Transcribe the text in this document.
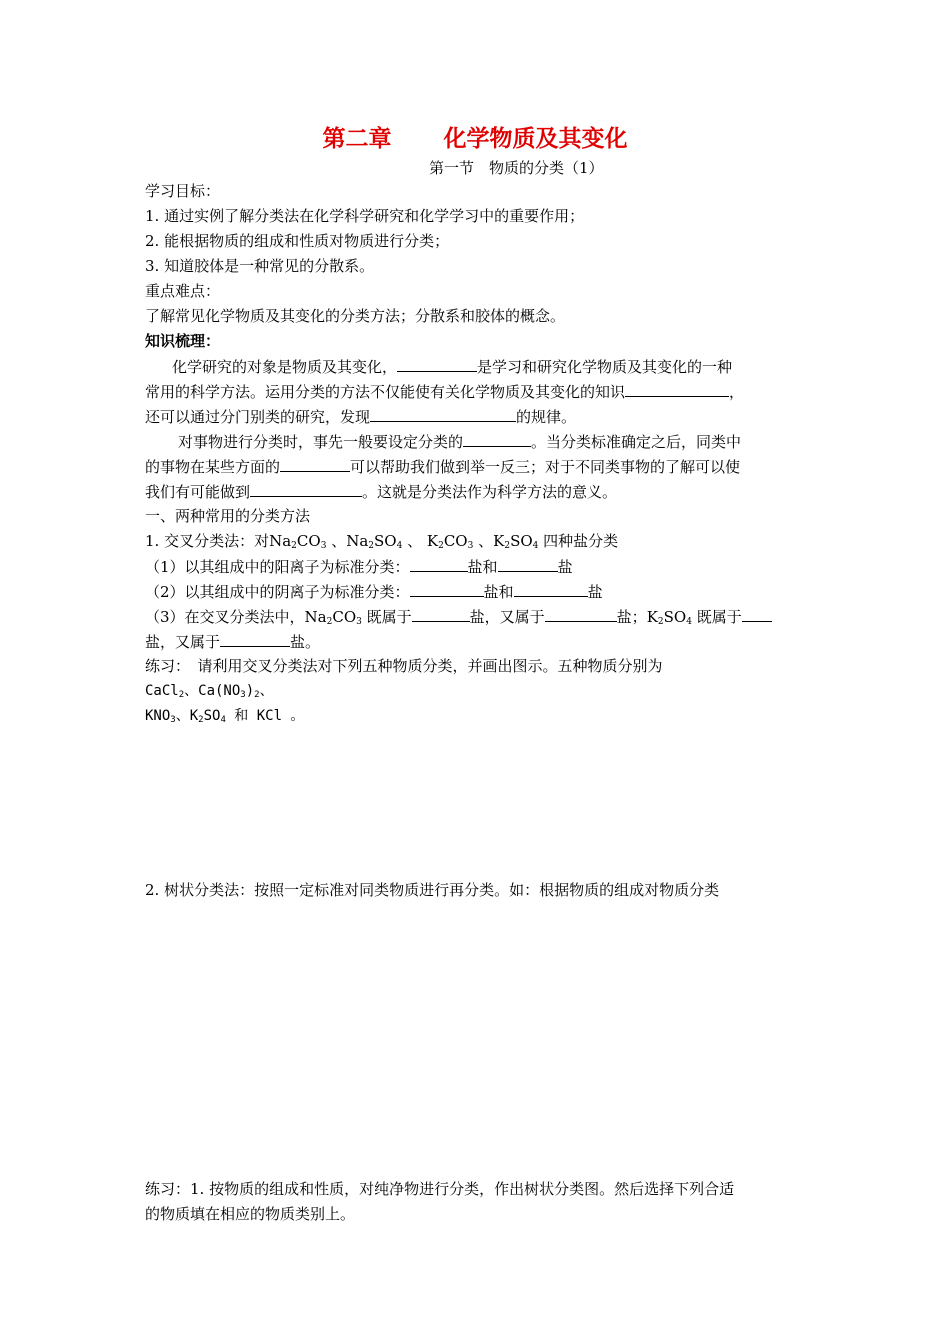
第二章 化学物质及其变化
第一节　物质的分类（1）
学习目标：
1. 通过实例了解分类法在化学科学研究和化学学习中的重要作用；
2. 能根据物质的组成和性质对物质进行分类；
3. 知道胶体是一种常见的分散系。
重点难点：
了解常见化学物质及其变化的分类方法；分散系和胶体的概念。
知识梳理：
化学研究的对象是物质及其变化，	是学习和研究化学物质及其变化的一种
常用的科学方法。运用分类的方法不仅能使有关化学物质及其变化的知识	，
还可以通过分门别类的研究，发现	的规律。
对事物进行分类时，事先一般要设定分类的	。当分类标准确定之后，同类中
的事物在某些方面的	可以帮助我们做到举一反三；对于不同类事物的了解可以使
我们有可能做到	。这就是分类法作为科学方法的意义。
一、两种常用的分类方法
1. 交叉分类法：对$Na_2CO_3$ 、$Na_2SO_4$ 、 $K_2CO_3$ 、$K_2SO_4$ 四种盐分类
（1）以其组成中的阳离子为标准分类：	盐和	盐
（2）以其组成中的阴离子为标准分类：	盐和	盐
（3）在交叉分类法中，$Na_2CO_3$ 既属于	盐，又属于	盐；$K_2SO_4$ 既属于
盐，又属于	盐。
练习：　请利用交叉分类法对下列五种物质分类，并画出图示。五种物质分别为
CaCl$_2$、$Ca(NO_3)_2$、
$KNO_3$、$K_2SO_4$ 和 KCl 。
2. 树状分类法：按照一定标准对同类物质进行再分类。如：根据物质的组成对物质分类
练习：1. 按物质的组成和性质，对纯净物进行分类，作出树状分类图。然后选择下列合适
的物质填在相应的物质类别上。
